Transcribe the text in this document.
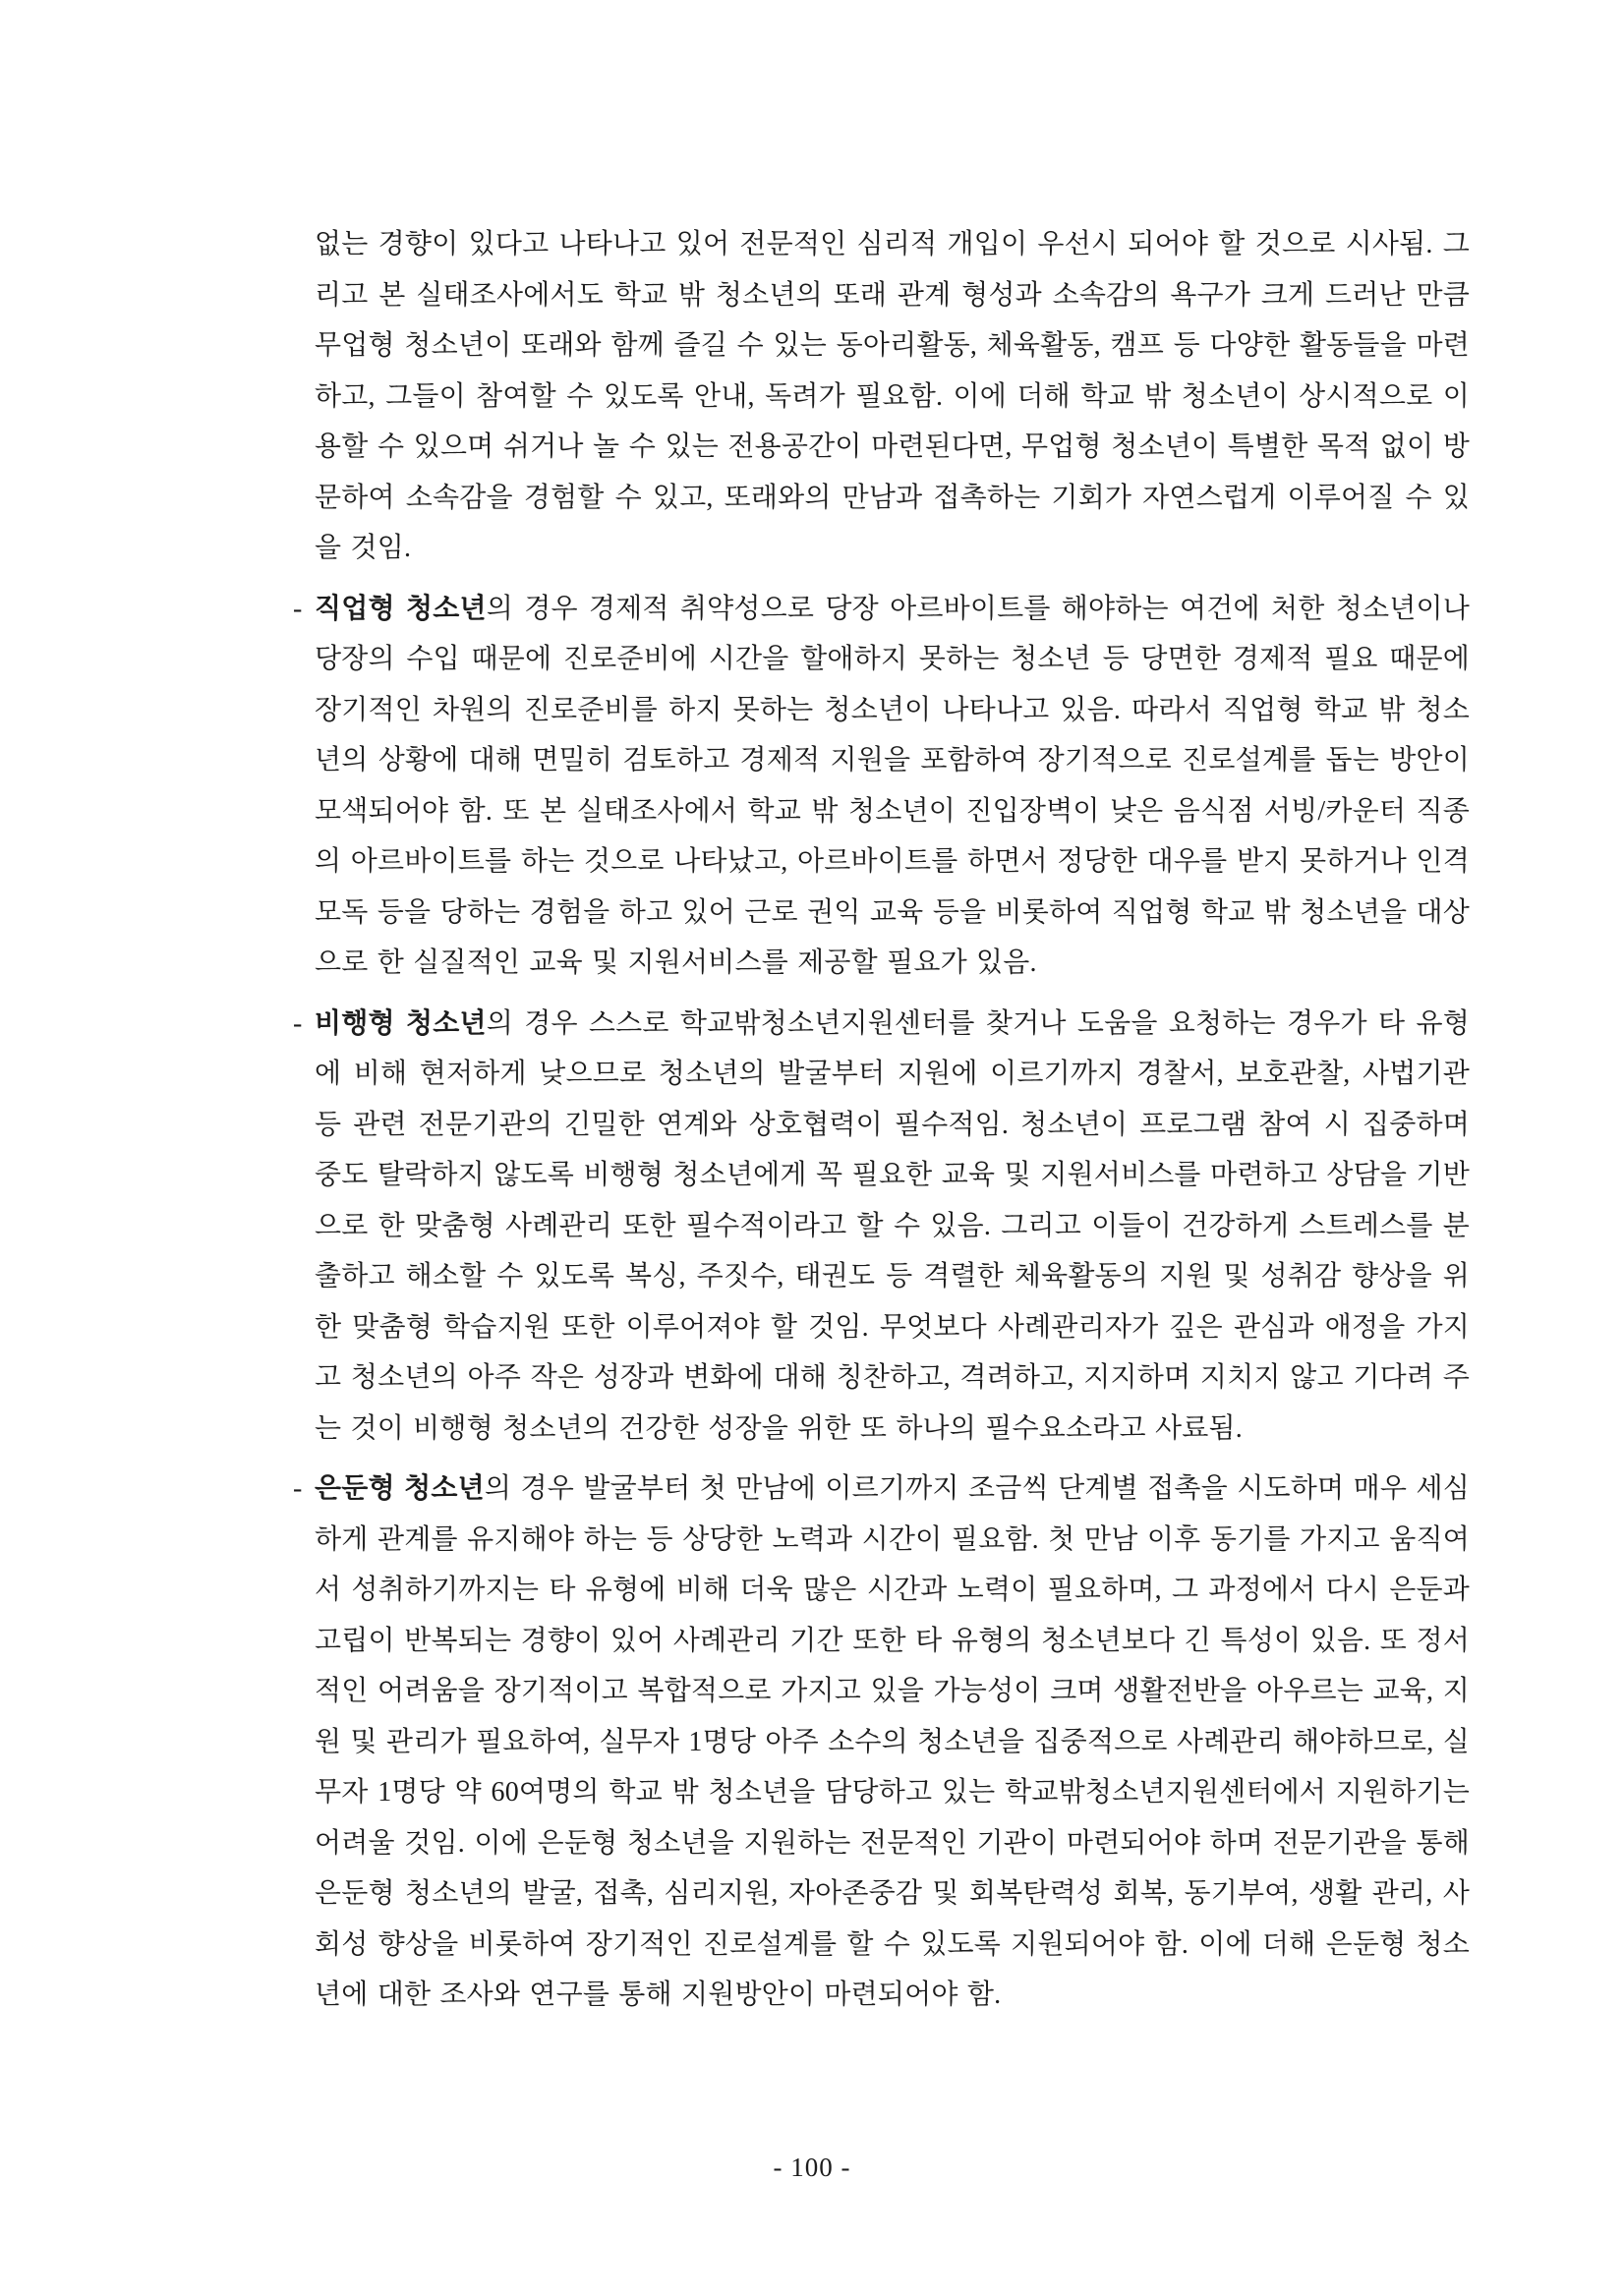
없는 경향이 있다고 나타나고 있어 전문적인 심리적 개입이 우선시 되어야 할 것으로 시사됨. 그리고 본 실태조사에서도 학교 밖 청소년의 또래 관계 형성과 소속감의 욕구가 크게 드러난 만큼 무업형 청소년이 또래와 함께 즐길 수 있는 동아리활동, 체육활동, 캠프 등 다양한 활동들을 마련하고, 그들이 참여할 수 있도록 안내, 독려가 필요함. 이에 더해 학교 밖 청소년이 상시적으로 이용할 수 있으며 쉬거나 놀 수 있는 전용공간이 마련된다면, 무업형 청소년이 특별한 목적 없이 방문하여 소속감을 경험할 수 있고, 또래와의 만남과 접촉하는 기회가 자연스럽게 이루어질 수 있을 것임.

- 직업형 청소년의 경우 경제적 취약성으로 당장 아르바이트를 해야하는 여건에 처한 청소년이나 당장의 수입 때문에 진로준비에 시간을 할애하지 못하는 청소년 등 당면한 경제적 필요 때문에 장기적인 차원의 진로준비를 하지 못하는 청소년이 나타나고 있음. 따라서 직업형 학교 밖 청소년의 상황에 대해 면밀히 검토하고 경제적 지원을 포함하여 장기적으로 진로설계를 돕는 방안이 모색되어야 함. 또 본 실태조사에서 학교 밖 청소년이 진입장벽이 낮은 음식점 서빙/카운터 직종의 아르바이트를 하는 것으로 나타났고, 아르바이트를 하면서 정당한 대우를 받지 못하거나 인격 모독 등을 당하는 경험을 하고 있어 근로 권익 교육 등을 비롯하여 직업형 학교 밖 청소년을 대상으로 한 실질적인 교육 및 지원서비스를 제공할 필요가 있음.

- 비행형 청소년의 경우 스스로 학교밖청소년지원센터를 찾거나 도움을 요청하는 경우가 타 유형에 비해 현저하게 낮으므로 청소년의 발굴부터 지원에 이르기까지 경찰서, 보호관찰, 사법기관 등 관련 전문기관의 긴밀한 연계와 상호협력이 필수적임. 청소년이 프로그램 참여 시 집중하며 중도 탈락하지 않도록 비행형 청소년에게 꼭 필요한 교육 및 지원서비스를 마련하고 상담을 기반으로 한 맞춤형 사례관리 또한 필수적이라고 할 수 있음. 그리고 이들이 건강하게 스트레스를 분출하고 해소할 수 있도록 복싱, 주짓수, 태권도 등 격렬한 체육활동의 지원 및 성취감 향상을 위한 맞춤형 학습지원 또한 이루어져야 할 것임. 무엇보다 사례관리자가 깊은 관심과 애정을 가지고 청소년의 아주 작은 성장과 변화에 대해 칭찬하고, 격려하고, 지지하며 지치지 않고 기다려 주는 것이 비행형 청소년의 건강한 성장을 위한 또 하나의 필수요소라고 사료됨.

- 은둔형 청소년의 경우 발굴부터 첫 만남에 이르기까지 조금씩 단계별 접촉을 시도하며 매우 세심하게 관계를 유지해야 하는 등 상당한 노력과 시간이 필요함. 첫 만남 이후 동기를 가지고 움직여서 성취하기까지는 타 유형에 비해 더욱 많은 시간과 노력이 필요하며, 그 과정에서 다시 은둔과 고립이 반복되는 경향이 있어 사례관리 기간 또한 타 유형의 청소년보다 긴 특성이 있음. 또 정서적인 어려움을 장기적이고 복합적으로 가지고 있을 가능성이 크며 생활전반을 아우르는 교육, 지원 및 관리가 필요하여, 실무자 1명당 아주 소수의 청소년을 집중적으로 사례관리 해야하므로, 실무자 1명당 약 60여명의 학교 밖 청소년을 담당하고 있는 학교밖청소년지원센터에서 지원하기는 어려울 것임. 이에 은둔형 청소년을 지원하는 전문적인 기관이 마련되어야 하며 전문기관을 통해 은둔형 청소년의 발굴, 접촉, 심리지원, 자아존중감 및 회복탄력성 회복, 동기부여, 생활 관리, 사회성 향상을 비롯하여 장기적인 진로설계를 할 수 있도록 지원되어야 함. 이에 더해 은둔형 청소년에 대한 조사와 연구를 통해 지원방안이 마련되어야 함.

- 100 -
